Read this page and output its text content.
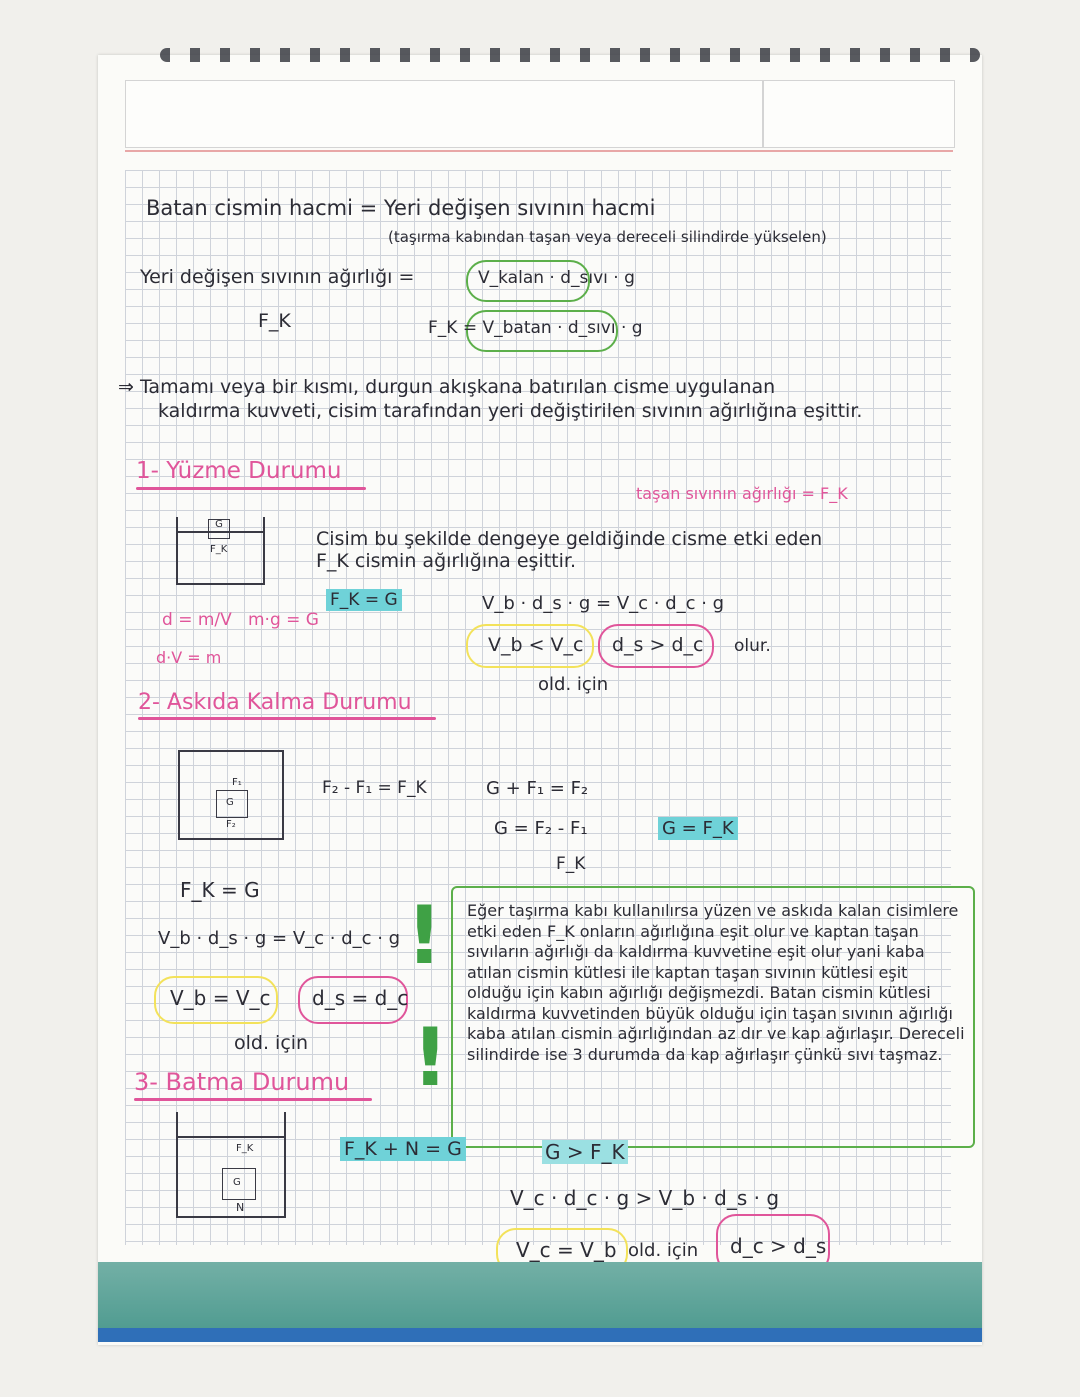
Batan cismin hacmi = Yeri değişen sıvının hacmi
(taşırma kabından taşan veya dereceli silindirde yükselen)
Yeri değişen sıvının ağırlığı =	V_kalan · d_sıvı · g
F_K	F_K = V_batan · d_sıvı · g
⇒ Tamamı veya bir kısmı, durgun akışkana batırılan cisme uygulanan
kaldırma kuvveti, cisim tarafından yeri değiştirilen sıvının ağırlığına eşittir.
1- Yüzme Durumu
taşan sıvının ağırlığı = F_K
G
F_K	Cisim bu şekilde dengeye geldiğinde cisme etki eden
F_K cismin ağırlığına eşittir.
F_K = G	V_b · d_s · g = V_c · d_c · g
V_b < V_c d_s > d_c olur.
old. için
d = m/V m·g = G
d·V = m
2- Askıda Kalma Durumu
F₁
G
F₂
F₂ - F₁ = F_K	G + F₁ = F₂
G = F₂ - F₁
F_K
G = F_K
F_K = G
V_b · d_s · g = V_c · d_c · g
V_b = V_c d_s = d_c
old. için
!
!
Eğer taşırma kabı kullanılırsa yüzen ve askıda kalan cisimlere etki eden F_K onların ağırlığına eşit olur ve kaptan taşan sıvıların ağırlığı da kaldırma kuvvetine eşit olur yani kaba atılan cismin kütlesi ile kaptan taşan sıvının kütlesi eşit olduğu için kabın ağırlığı değişmezdi. Batan cismin kütlesi kaldırma kuvvetinden büyük olduğu için taşan sıvının ağırlığı kaba atılan cismin ağırlığından az dır ve kap ağırlaşır. Dereceli silindirde ise 3 durumda da kap ağırlaşır çünkü sıvı taşmaz.
3- Batma Durumu
F_K
G
N
F_K + N = G	G > F_K
V_c · d_c · g > V_b · d_s · g
V_c = V_b old. için d_c > d_s
